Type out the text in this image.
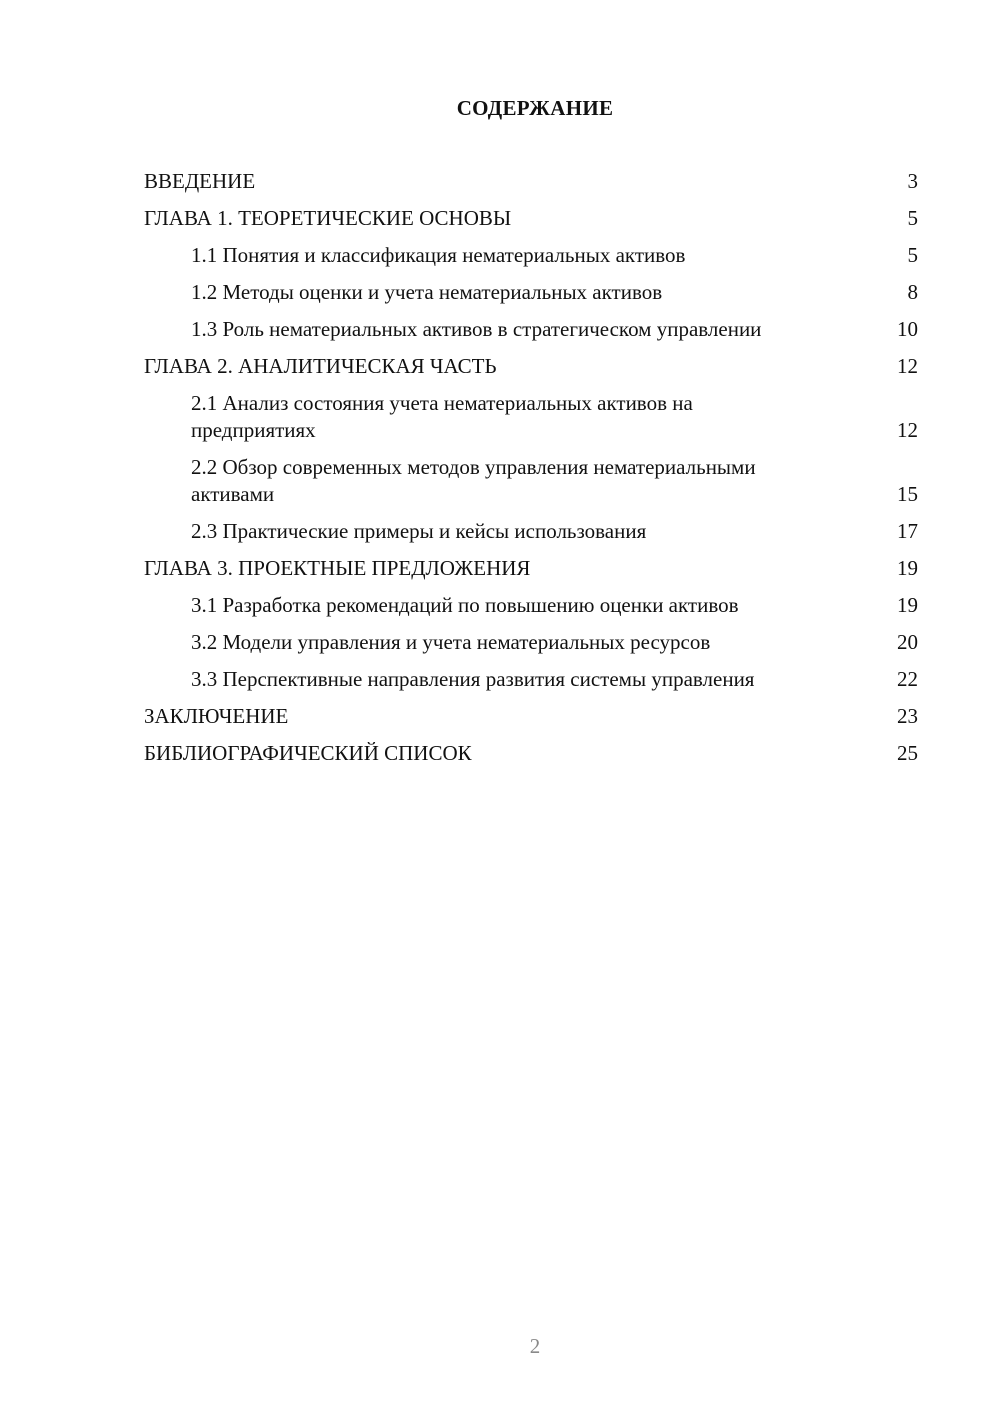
СОДЕРЖАНИЕ
ВВЕДЕНИЕ	3
ГЛАВА 1. ТЕОРЕТИЧЕСКИЕ ОСНОВЫ	5
1.1 Понятия и классификация нематериальных активов	5
1.2 Методы оценки и учета нематериальных активов	8
1.3 Роль нематериальных активов в стратегическом управлении	10
ГЛАВА 2. АНАЛИТИЧЕСКАЯ ЧАСТЬ	12
2.1 Анализ состояния учета нематериальных активов на предприятиях	12
2.2 Обзор современных методов управления нематериальными активами	15
2.3 Практические примеры и кейсы использования	17
ГЛАВА 3. ПРОЕКТНЫЕ ПРЕДЛОЖЕНИЯ	19
3.1 Разработка рекомендаций по повышению оценки активов	19
3.2 Модели управления и учета нематериальных ресурсов	20
3.3 Перспективные направления развития системы управления	22
ЗАКЛЮЧЕНИЕ	23
БИБЛИОГРАФИЧЕСКИЙ СПИСОК	25
2
